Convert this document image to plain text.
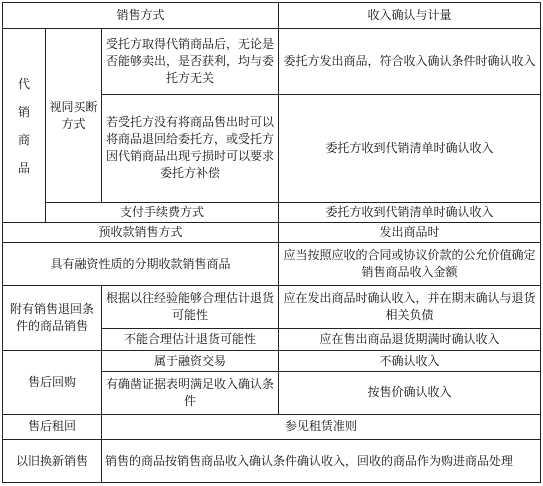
销售方式			收入确认与计量

代销商品	视同买断方式	受托方取得代销商品后，无论是否能够卖出，是否获利，均与委托方无关	委托方发出商品，符合收入确认条件时确认收入
		若受托方没有将商品售出时可以将商品退回给委托方，或受托方因代销商品出现亏损时可以要求委托方补偿	委托方收到代销清单时确认收入
	支付手续费方式		委托方收到代销清单时确认收入
预收款销售方式			发出商品时
具有融资性质的分期收款销售商品			应当按照应收的合同或协议价款的公允价值确定销售商品收入金额
附有销售退回条件的商品销售		根据以往经验能够合理估计退货可能性	应在发出商品时确认收入，并在期末确认与退货相关负债
		不能合理估计退货可能性	应在售出商品退货期满时确认收入
售后回购		属于融资交易	不确认收入
		有确凿证据表明满足收入确认条件	按售价确认收入
售后租回		参见租赁准则	
以旧换新销售		销售的商品按销售商品收入确认条件确认收入，回收的商品作为购进商品处理	
